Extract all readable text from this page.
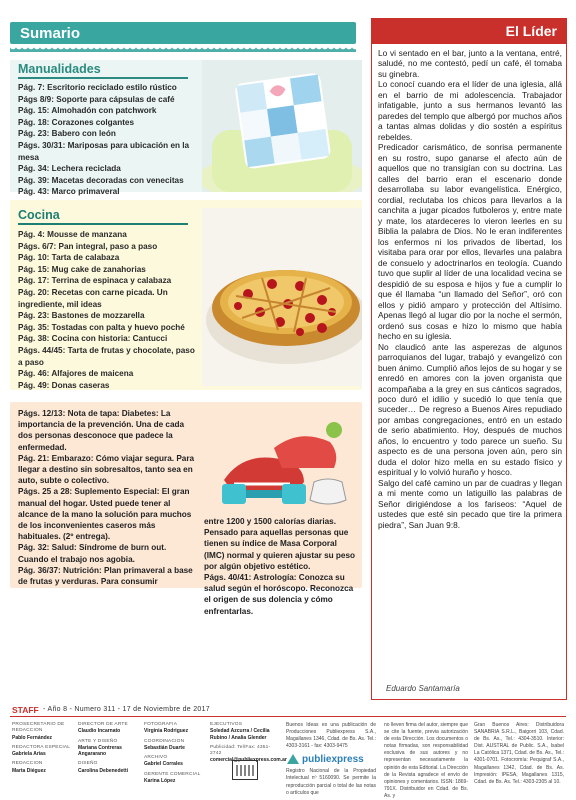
Sumario
Manualidades
Pág. 7: Escritorio reciclado estilo rústico
Págs 8/9: Soporte para cápsulas de café
Pág. 15: Almohadón con patchwork
Pág. 18: Corazones colgantes
Pág. 23: Babero con león
Págs. 30/31: Mariposas para ubicación en la mesa
Pág. 34: Lechera reciclada
Pág. 39: Macetas decoradas con venecitas
Pág. 43: Marco primaveral
Cocina
Pág. 4: Mousse de manzana
Págs. 6/7: Pan integral, paso a paso
Pág. 10: Tarta de calabaza
Pág. 15: Mug cake de zanahorias
Pág. 17: Terrina de espinaca y calabaza
Pág. 20: Recetas con carne picada. Un ingrediente, mil ideas
Pág. 23: Bastones de mozzarella
Pág. 35: Tostadas con palta y huevo poché
Pág. 38: Cocina con historia: Cantucci
Págs. 44/45: Tarta de frutas y chocolate, paso a paso
Pág. 46: Alfajores de maicena
Pág. 49: Donas caseras
Págs. 12/13: Nota de tapa: Diabetes: La importancia de la prevención. Una de cada dos personas desconoce que padece la enfermedad.
Pág. 21: Embarazo: Cómo viajar segura. Para llegar a destino sin sobresaltos, tanto sea en auto, subte o colectivo.
Págs. 25 a 28: Suplemento Especial: El gran manual del hogar. Usted puede tener al alcance de la mano la solución para muchos de los inconvenientes caseros más habituales. (2º entrega).
Pág. 32: Salud: Síndrome de burn out. Cuando el trabajo nos agobia.
Pág. 36/37: Nutrición: Plan primaveral a base de frutas y verduras. Para consumir
entre 1200 y 1500 calorías diarias. Pensado para aquellas personas que tienen su índice de Masa Corporal (IMC) normal y quieren ajustar su peso por algún objetivo estético.
Págs. 40/41: Astrología: Conozca su salud según el horóscopo. Reconozca el origen de sus dolencia y cómo enfrentarlas.
El Líder

Lo vi sentado en el bar, junto a la ventana, entré, saludé, no me contestó, pedí un café, él tomaba su ginebra.

Lo conocí cuando era el líder de una iglesia, allá en el barrio de mi adolescencia. Trabajador infatigable, junto a sus hermanos levantó las paredes del templo que albergó por muchos años a tantas almas dolidas y dio sostén a espíritus rebeldes.

Predicador carismático, de sonrisa permanente en su rostro, supo ganarse el afecto aún de aquellos que no transigían con su doctrina. Las calles del barrio eran el escenario donde desarrollaba su labor evangelística. Enérgico, cordial, reclutaba los chicos para llevarlos a la canchita a jugar picados futboleros y, entre mate y mate, los atardeceres lo vieron leerles en su Biblia la palabra de Dios. No le eran indiferentes los enfermos ni los privados de libertad, los visitaba para orar por ellos, llevarles una palabra de consuelo y adoctrinarlos en teología. Cuando tuvo que suplir al líder de una localidad vecina se despidió de su esposa e hijos y fue a cumplir lo que él llamaba “un llamado del Señor”, oró con ellos y pidió amparo y protección del Altísimo. Apenas llegó al lugar dio por la noche el sermón, ordenó sus cosas e hizo lo mismo que había hecho en su iglesia.

No claudicó ante las asperezas de algunos parroquianos del lugar, trabajó y evangelizó con buen ánimo. Cumplió años lejos de su hogar y se enredó en amores con la joven organista que acompañaba a la grey en sus cánticos sagrados, poco duró el idilio y sucedió lo que tenía que suceder… De regreso a Buenos Aires repudiado por ambas congregaciones, entró en un estado de serio abatimiento. Hoy, después de muchos años, lo encuentro y todo parece un sueño. Su aspecto es de una persona joven aún, pero sin duda el dolor hizo mella en su estado físico y espiritual y lo volvió huraño y hosco.

Salgo del café camino un par de cuadras y llegan a mi mente como un latiguillo las palabras de Señor dirigiéndose a los fariseos: “Aquel de ustedes que esté sin pecado que tire la primera piedra”, San Juan 9:8.

Eduardo Santamaría
STAFF - Año 8 - Numero 311 - 17 de Noviembre de 2017
PROSECRETARIO DE REDACCION
Pablo Fernández
REDACTORA ESPECIAL
Gabriela Arias
REDACCION
Marta Diéguez
DIRECTOR DE ARTE
Claudio Incarnato
ARTE Y DISEÑO
Mariana Contreras Angararano
DISEÑO
Carolina Debenedetti
FOTOGRAFIA
Virginia Rodriguez
COORDINACION
Sebastián Duarte
ARCHIVO
Gabriel Corrales
GERENTE COMERCIAL
Karina López
EJECUTIVOS
Soledad Azcurra / Cecilia Rubino / Analia Glender
Publicidad: Tel/Fax: 4351-2742
comercial@publiexpress.com.ar
Buenos Ideas es una publicación de Producciones Publiexpress S.A., Magallanes 1346, Cdad. de Bs. As. Tel.: 4303-3161 - fax: 4303-9475
publiexpress
Registro Nacional de la Propiedad Intelectual nº 5160090. Se permite la reproducción parcial o total de las notas o artículos que
no lleven firma del autor, siempre que se cite la fuente, previa autorización de esta Dirección. Los documentos o notas firmadas, son responsabilidad exclusiva de sus autores y no representan necesariamente la opinión de esta Editorial. La Dirección de la Revista agradece el envío de opiniones y comentarios. ISSN: 1869-791X. Distribuidor en Cdad. de Bs. As. y
Gran Buenos Aires: Distribuidora SANABRIA S.R.L., Baigorri 103, Cdad. de Bs. As., Tel.: 4304-3510. Interior: Dist. AUSTRAL de Public. S.A., Isabel La Católica 1371, Cdad. de Bs. As., Tel.: 4301-0701. Fotocromía: Pequigraf S.A., Magallanes 1342, Cdad. de Bs. As. Impresión: IPESA, Magallanes 1315, Cdad. de Bs. As. Tel.: 4303-2305 al 10.
